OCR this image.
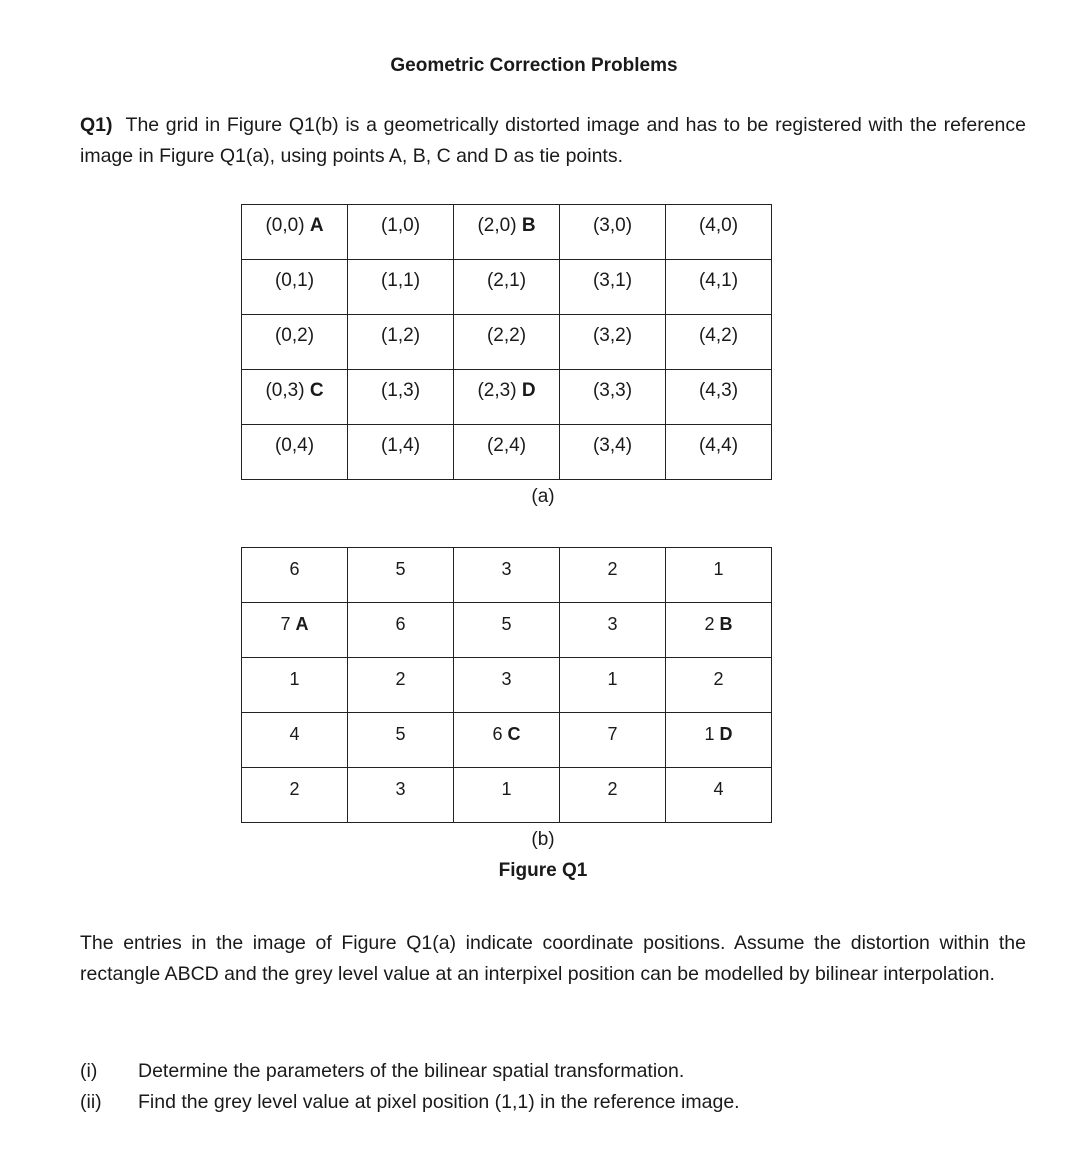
Geometric Correction Problems
Q1) The grid in Figure Q1(b) is a geometrically distorted image and has to be registered with the reference image in Figure Q1(a), using points A, B, C and D as tie points.
(0,0) A	(1,0)	(2,0) B	(3,0)	(4,0)
(0,1)	(1,1)	(2,1)	(3,1)	(4,1)
(0,2)	(1,2)	(2,2)	(3,2)	(4,2)
(0,3) C	(1,3)	(2,3) D	(3,3)	(4,3)
(0,4)	(1,4)	(2,4)	(3,4)	(4,4)
(a)
6	5	3	2	1
7 A	6	5	3	2 B
1	2	3	1	2
4	5	6 C	7	1 D
2	3	1	2	4
(b)
Figure Q1
The entries in the image of Figure Q1(a) indicate coordinate positions. Assume the distortion within the rectangle ABCD and the grey level value at an interpixel position can be modelled by bilinear interpolation.
(i)	Determine the parameters of the bilinear spatial transformation.
(ii)	Find the grey level value at pixel position (1,1) in the reference image.
